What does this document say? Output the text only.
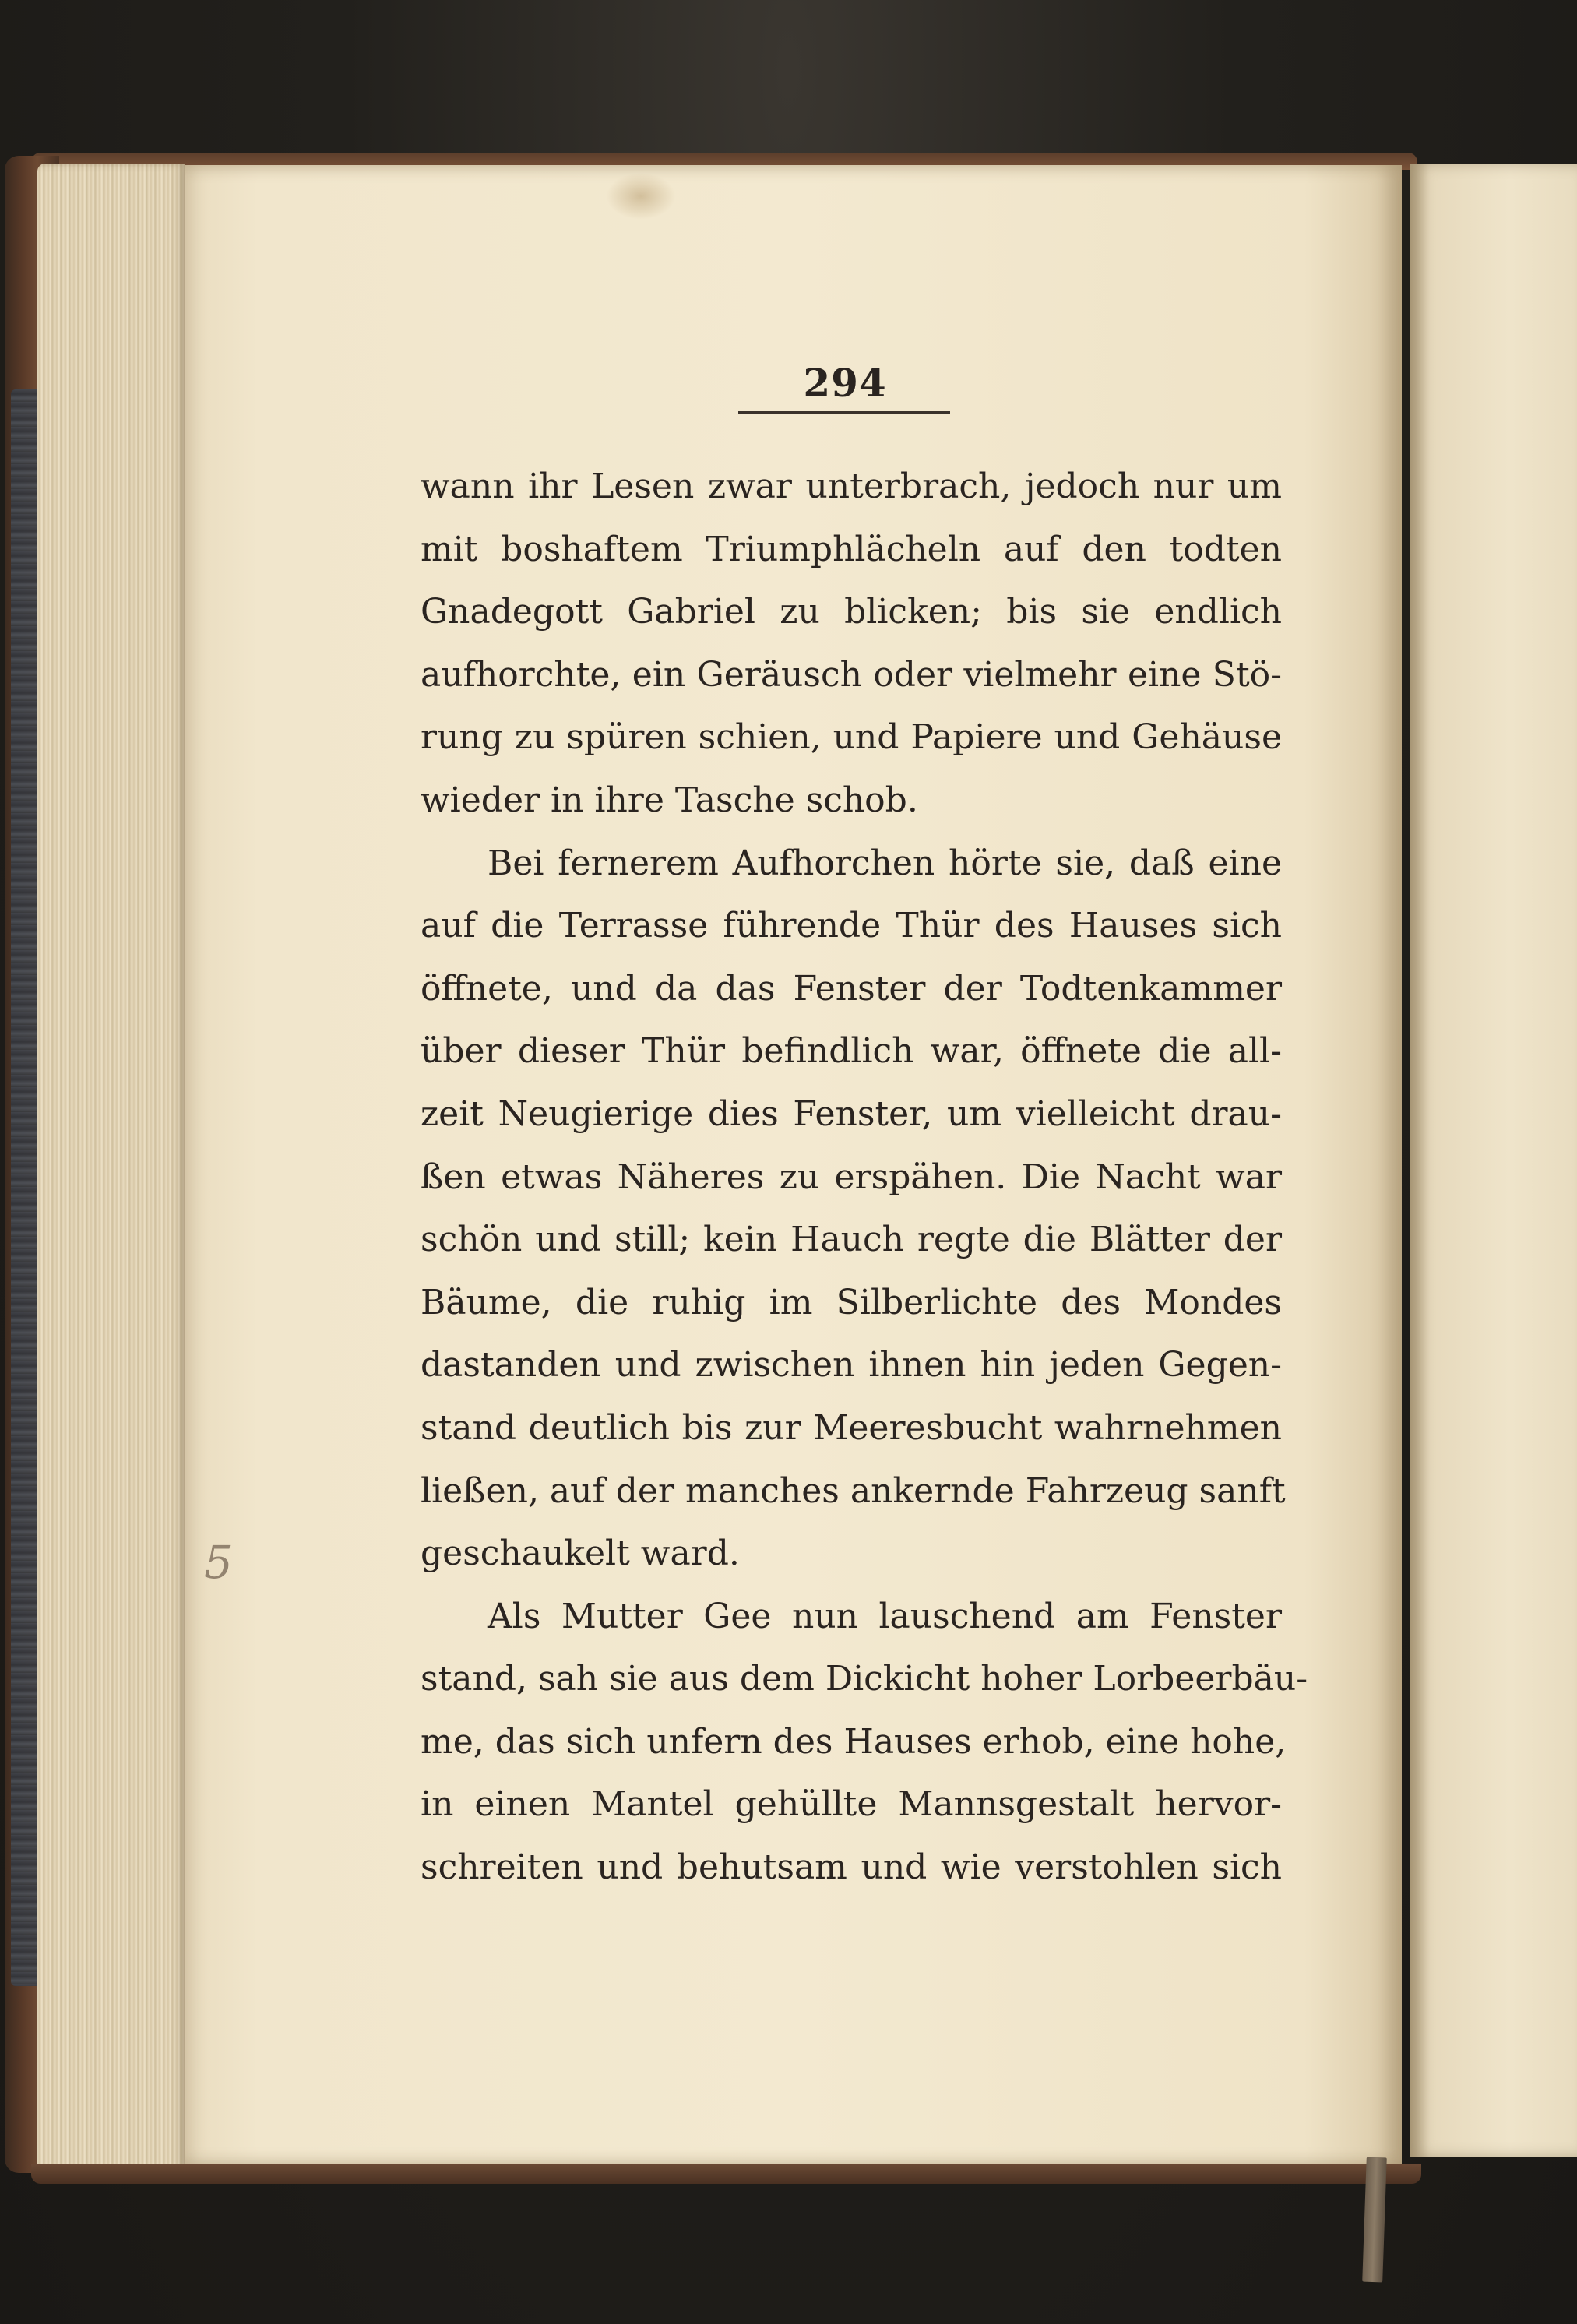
294
wann ihr Lesen zwar unterbrach, jedoch nur um
mit boshaftem Triumphlächeln auf den todten
Gnadegott Gabriel zu blicken; bis sie endlich
aufhorchte, ein Geräusch oder vielmehr eine Stö-
rung zu spüren schien, und Papiere und Gehäuse
wieder in ihre Tasche schob.
Bei fernerem Aufhorchen hörte sie, daß eine
auf die Terrasse führende Thür des Hauses sich
öffnete, und da das Fenster der Todtenkammer
über dieser Thür befindlich war, öffnete die all-
zeit Neugierige dies Fenster, um vielleicht drau-
ßen etwas Näheres zu erspähen. Die Nacht war
schön und still; kein Hauch regte die Blätter der
Bäume, die ruhig im Silberlichte des Mondes
dastanden und zwischen ihnen hin jeden Gegen-
stand deutlich bis zur Meeresbucht wahrnehmen
ließen, auf der manches ankernde Fahrzeug sanft
geschaukelt ward.
Als Mutter Gee nun lauschend am Fenster
stand, sah sie aus dem Dickicht hoher Lorbeerbäu-
me, das sich unfern des Hauses erhob, eine hohe,
in einen Mantel gehüllte Mannsgestalt hervor-
schreiten und behutsam und wie verstohlen sich
5
